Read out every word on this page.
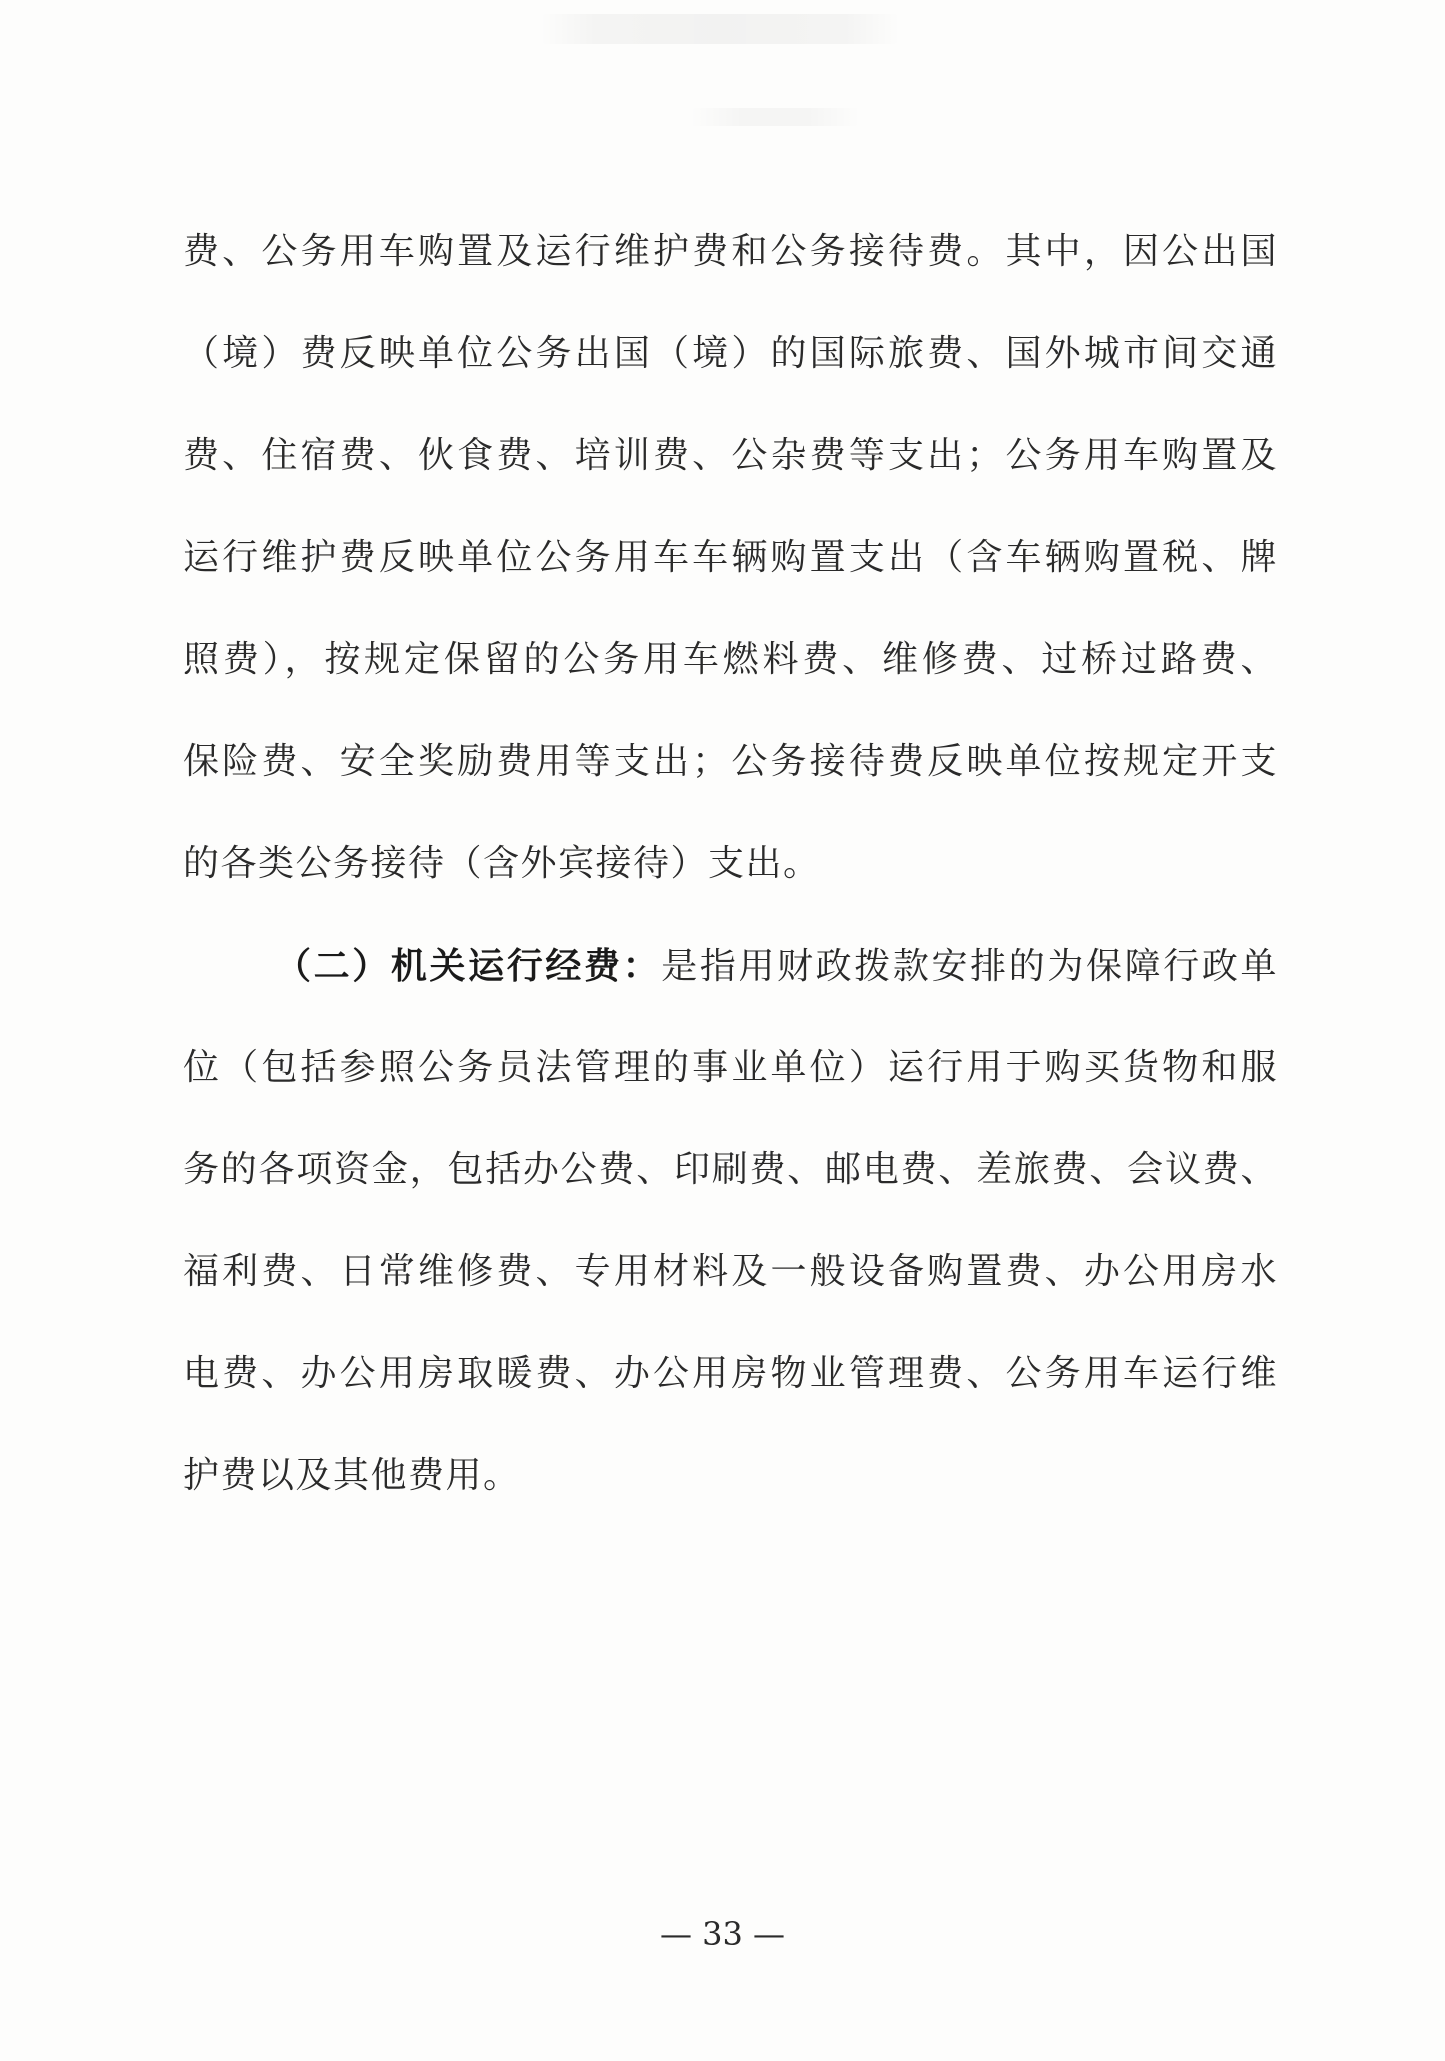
费、公务用车购置及运行维护费和公务接待费。其中，因公出国
（境）费反映单位公务出国（境）的国际旅费、国外城市间交通
费、住宿费、伙食费、培训费、公杂费等支出；公务用车购置及
运行维护费反映单位公务用车车辆购置支出（含车辆购置税、牌
照费），按规定保留的公务用车燃料费、维修费、过桥过路费、
保险费、安全奖励费用等支出；公务接待费反映单位按规定开支
的各类公务接待（含外宾接待）支出。
（二）机关运行经费：是指用财政拨款安排的为保障行政单
位（包括参照公务员法管理的事业单位）运行用于购买货物和服
务的各项资金，包括办公费、印刷费、邮电费、差旅费、会议费、
福利费、日常维修费、专用材料及一般设备购置费、办公用房水
电费、办公用房取暖费、办公用房物业管理费、公务用车运行维
护费以及其他费用。
— 33 —
